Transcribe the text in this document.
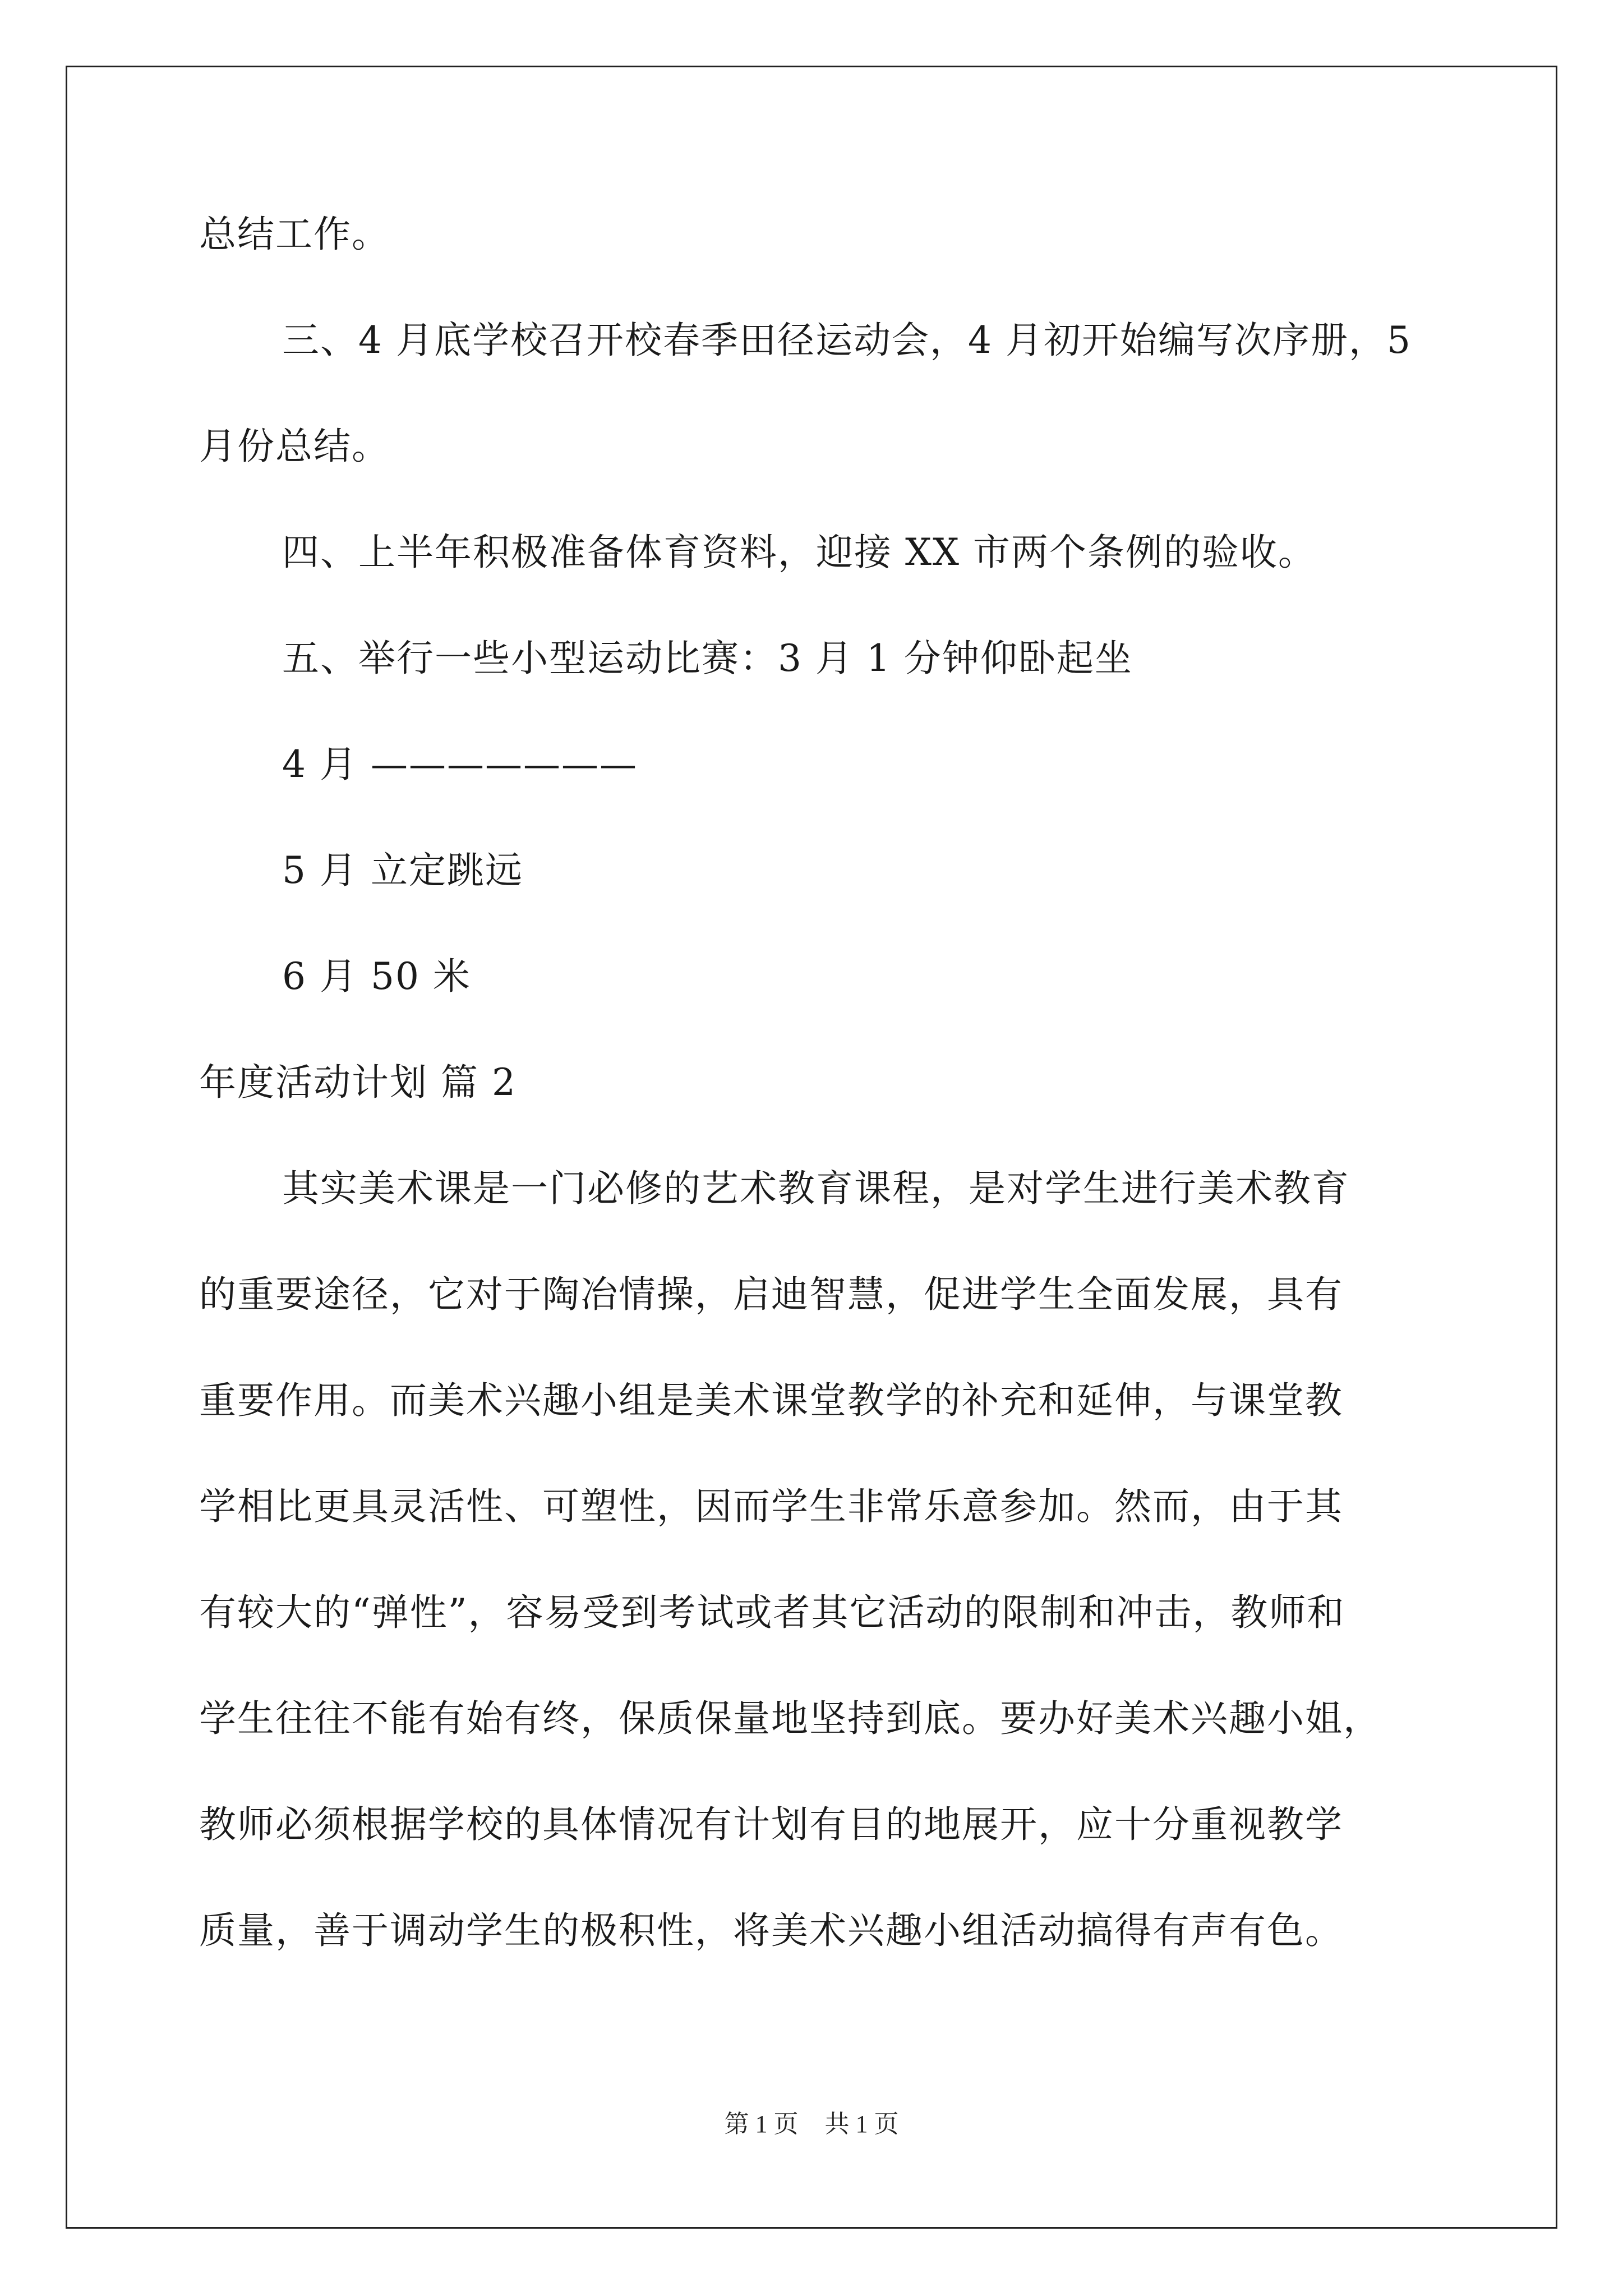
总结工作。
三、4 月底学校召开校春季田径运动会，4 月初开始编写次序册，5
月份总结。
四、上半年积极准备体育资料，迎接 XX 市两个条例的验收。
五、举行一些小型运动比赛：3 月 1 分钟仰卧起坐
4 月 ———————
5 月 立定跳远
6 月 50 米
年度活动计划 篇 2
其实美术课是一门必修的艺术教育课程，是对学生进行美术教育
的重要途径，它对于陶冶情操，启迪智慧，促进学生全面发展，具有
重要作用。而美术兴趣小组是美术课堂教学的补充和延伸，与课堂教
学相比更具灵活性、可塑性，因而学生非常乐意参加。然而，由于其
有较大的“弹性”，容易受到考试或者其它活动的限制和冲击，教师和
学生往往不能有始有终，保质保量地坚持到底。要办好美术兴趣小姐，
教师必须根据学校的具体情况有计划有目的地展开，应十分重视教学
质量，善于调动学生的极积性，将美术兴趣小组活动搞得有声有色。
第 1 页 共 1 页
